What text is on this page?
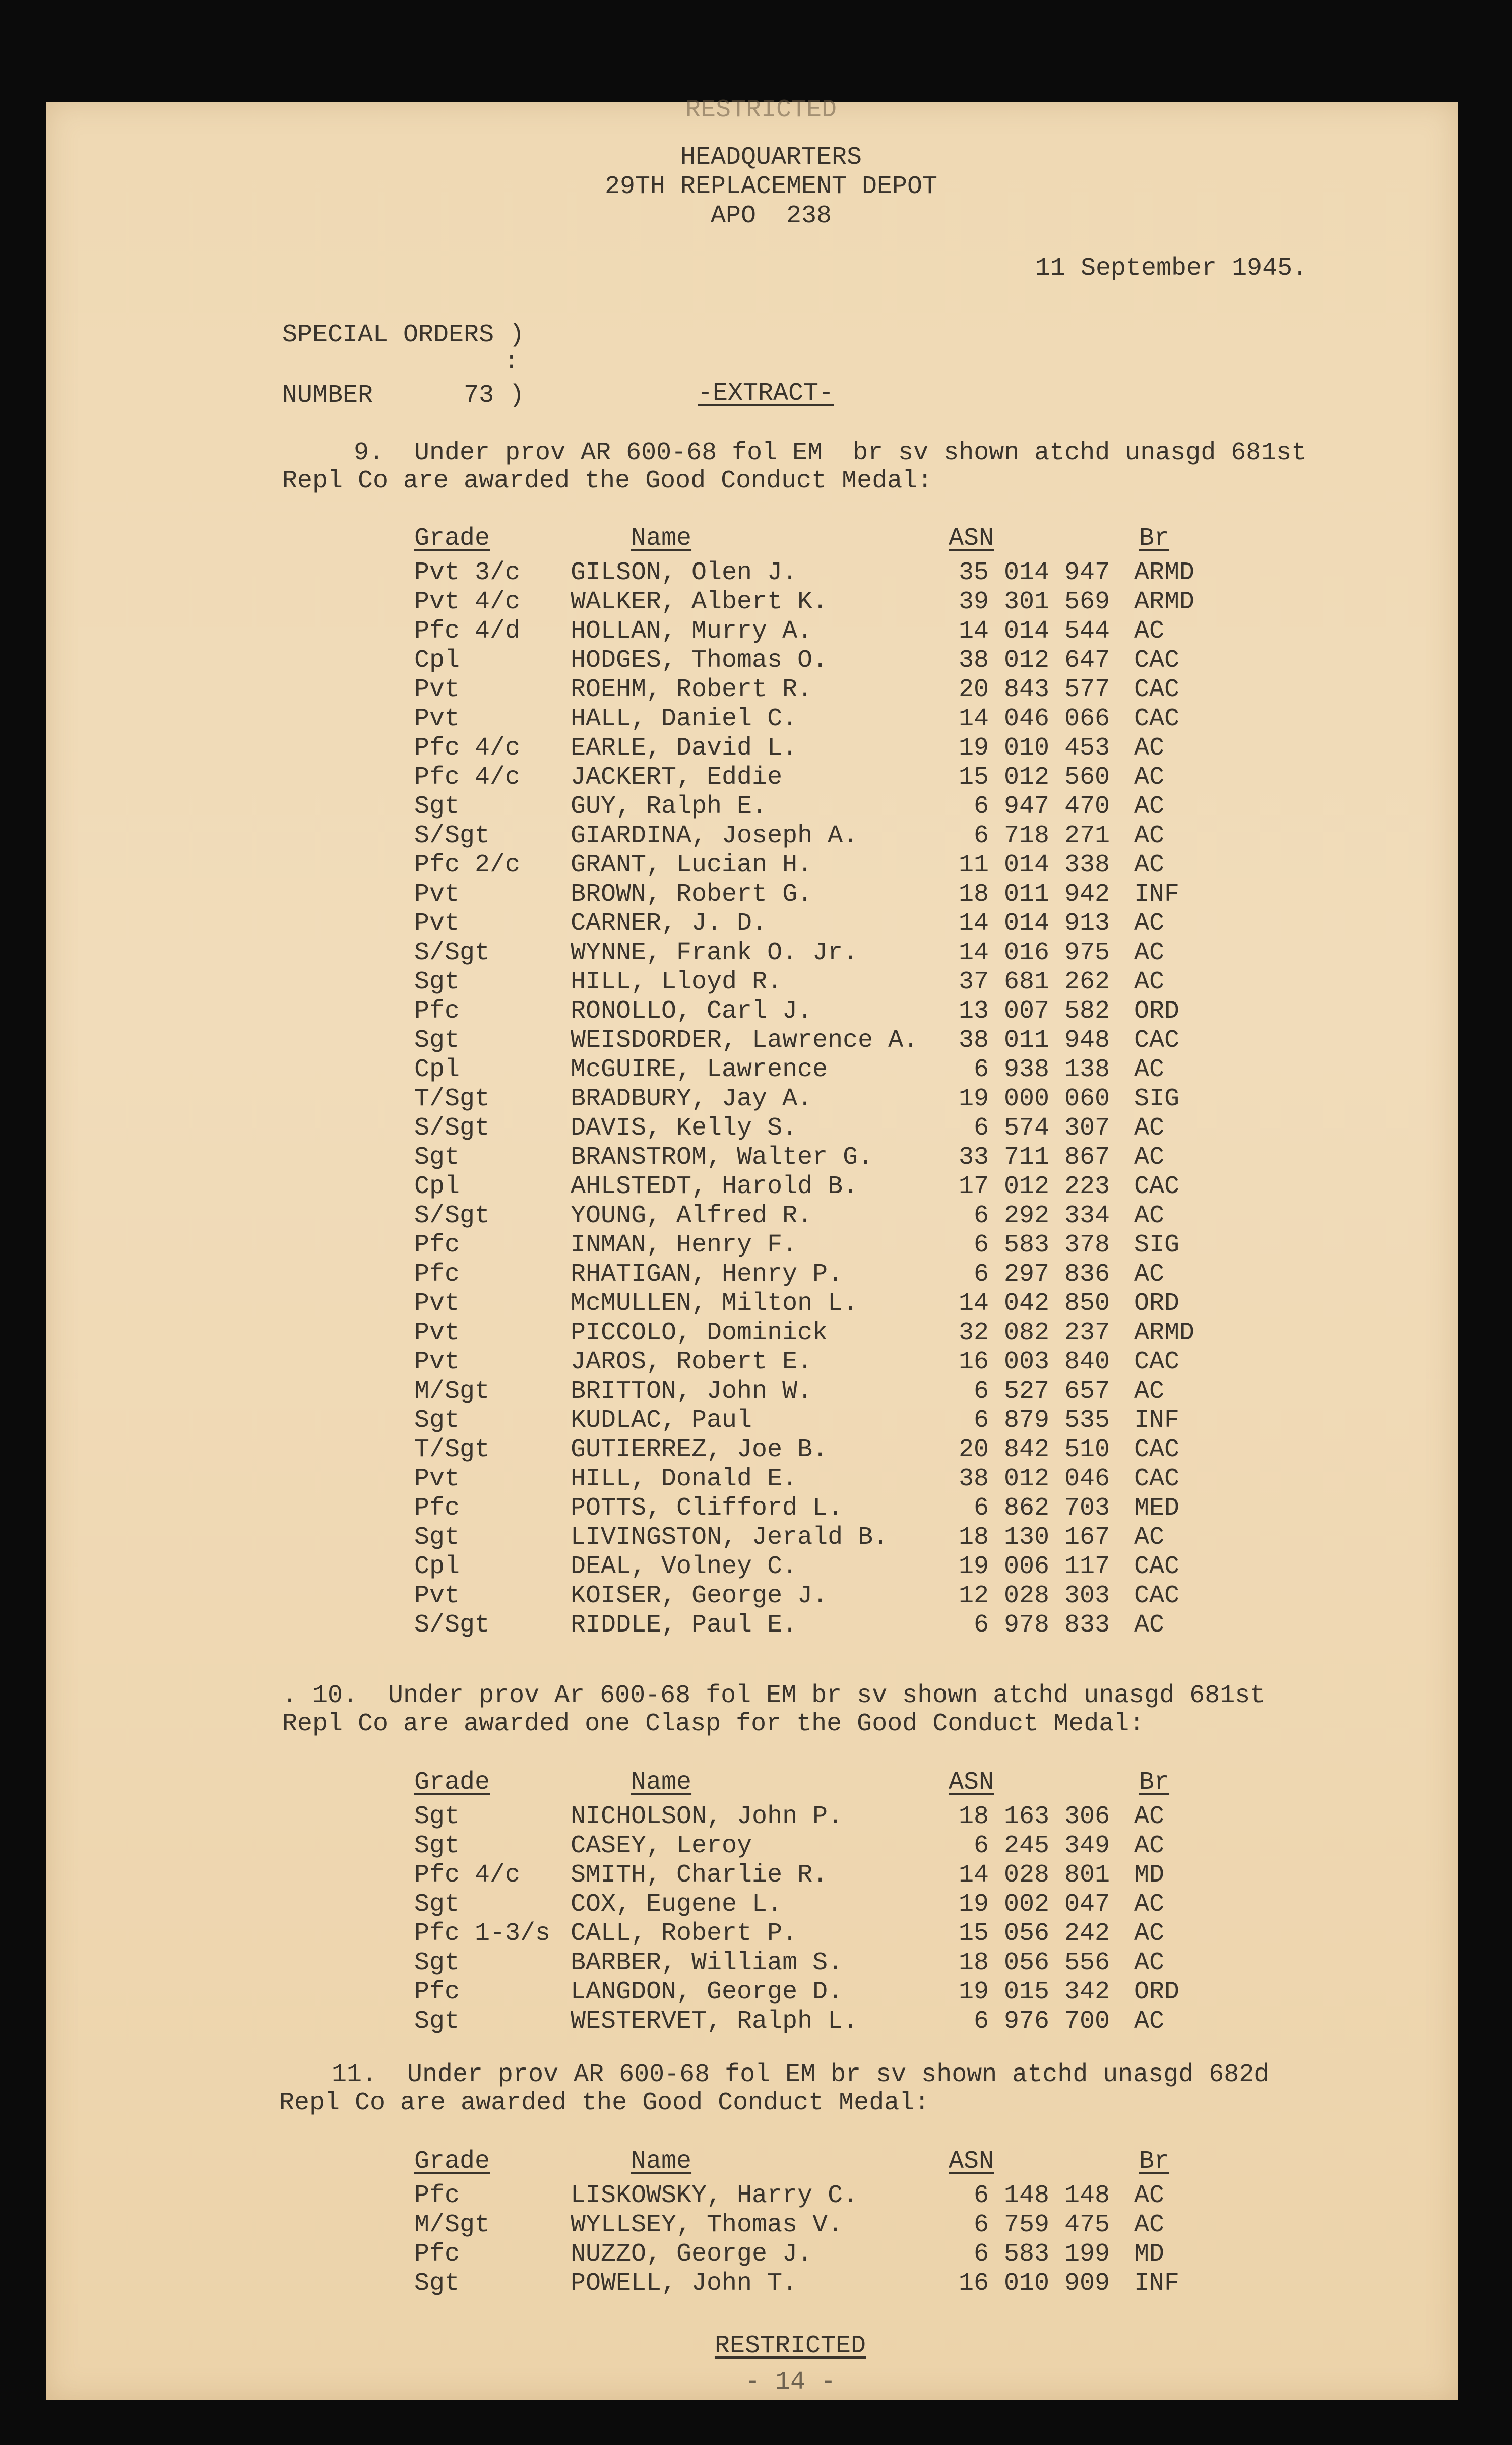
RESTRICTED
HEADQUARTERS
29TH REPLACEMENT DEPOT
APO  238
11 September 1945.
SPECIAL ORDERS )
:
NUMBER      73 )	-EXTRACT-
9.  Under prov AR 600-68 fol EM  br sv shown atchd unasgd 681st
Repl Co are awarded the Good Conduct Medal:
Grade	Name	ASN	Br
Pvt 3/c GILSON, Olen J.	35 014 947 ARMD
Pvt 4/c WALKER, Albert K.	39 301 569 ARMD
Pfc 4/d HOLLAN, Murry A.	14 014 544 AC
Cpl	HODGES, Thomas O.	38 012 647 CAC
Pvt	ROEHM, Robert R.	20 843 577 CAC
Pvt	HALL, Daniel C.	14 046 066 CAC
Pfc 4/c EARLE, David L.	19 010 453 AC
Pfc 4/c JACKERT, Eddie	15 012 560 AC
Sgt	GUY, Ralph E.	6 947 470 AC
S/Sgt	GIARDINA, Joseph A.	6 718 271 AC
Pfc 2/c GRANT, Lucian H.	11 014 338 AC
Pvt	BROWN, Robert G.	18 011 942 INF
Pvt	CARNER, J. D.	14 014 913 AC
S/Sgt	WYNNE, Frank O. Jr.	14 016 975 AC
Sgt	HILL, Lloyd R.	37 681 262 AC
Pfc	RONOLLO, Carl J.	13 007 582 ORD
Sgt	WEISDORDER, Lawrence A. 38 011 948 CAC
Cpl	McGUIRE, Lawrence	6 938 138 AC
T/Sgt	BRADBURY, Jay A.	19 000 060 SIG
S/Sgt	DAVIS, Kelly S.	6 574 307 AC
Sgt	BRANSTROM, Walter G.	33 711 867 AC
Cpl	AHLSTEDT, Harold B.	17 012 223 CAC
S/Sgt	YOUNG, Alfred R.	6 292 334 AC
Pfc	INMAN, Henry F.	6 583 378 SIG
Pfc	RHATIGAN, Henry P.	6 297 836 AC
Pvt	McMULLEN, Milton L.	14 042 850 ORD
Pvt	PICCOLO, Dominick	32 082 237 ARMD
Pvt	JAROS, Robert E.	16 003 840 CAC
M/Sgt	BRITTON, John W.	6 527 657 AC
Sgt	KUDLAC, Paul	6 879 535 INF
T/Sgt	GUTIERREZ, Joe B.	20 842 510 CAC
Pvt	HILL, Donald E.	38 012 046 CAC
Pfc	POTTS, Clifford L.	6 862 703 MED
Sgt	LIVINGSTON, Jerald B.	18 130 167 AC
Cpl	DEAL, Volney C.	19 006 117 CAC
Pvt	KOISER, George J.	12 028 303 CAC
S/Sgt	RIDDLE, Paul E.	6 978 833 AC
. 10.  Under prov Ar 600-68 fol EM br sv shown atchd unasgd 681st
Repl Co are awarded one Clasp for the Good Conduct Medal:
Grade	Name	ASN	Br
Sgt	NICHOLSON, John P.	18 163 306 AC
Sgt	CASEY, Leroy	6 245 349 AC
Pfc 4/c SMITH, Charlie R.	14 028 801 MD
Sgt	COX, Eugene L.	19 002 047 AC
Pfc 1-3/s CALL, Robert P.	15 056 242 AC
Sgt	BARBER, William S.	18 056 556 AC
Pfc	LANGDON, George D.	19 015 342 ORD
Sgt	WESTERVET, Ralph L.	6 976 700 AC
11.  Under prov AR 600-68 fol EM br sv shown atchd unasgd 682d
Repl Co are awarded the Good Conduct Medal:
Grade	Name	ASN	Br
Pfc	LISKOWSKY, Harry C.	6 148 148 AC
M/Sgt	WYLLSEY, Thomas V.	6 759 475 AC
Pfc	NUZZO, George J.	6 583 199 MD
Sgt	POWELL, John T.	16 010 909 INF
RESTRICTED
- 14 -
